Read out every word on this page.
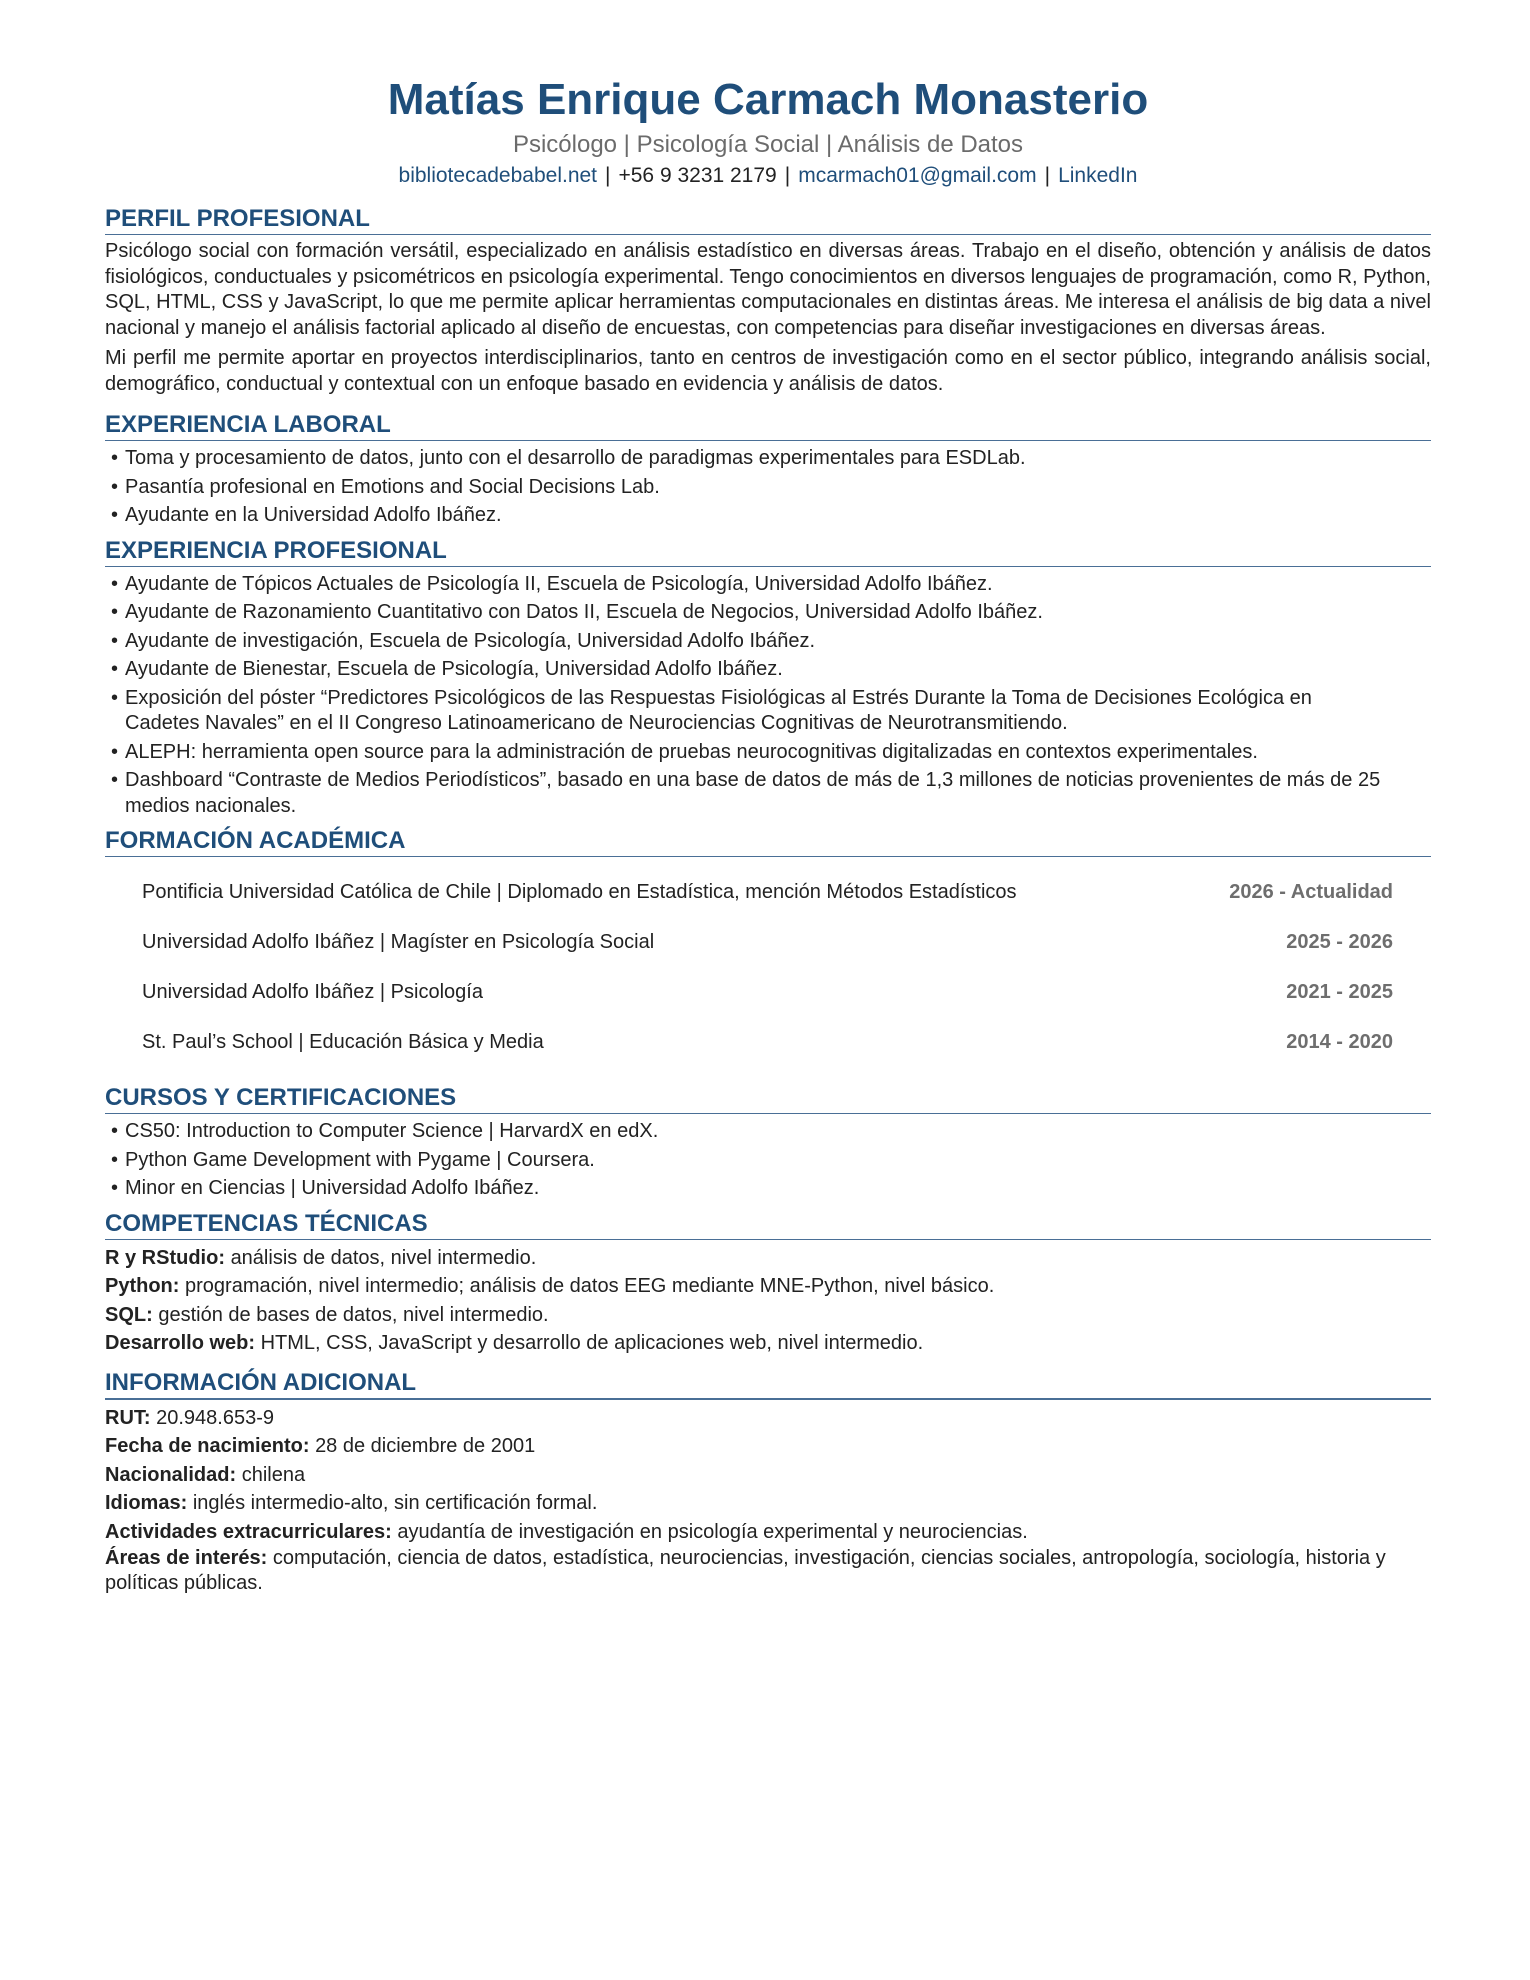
Matías Enrique Carmach Monasterio

Psicólogo | Psicología Social | Análisis de Datos

bibliotecadebabel.net | +56 9 3231 2179 | mcarmach01@gmail.com | LinkedIn

PERFIL PROFESIONAL

Psicólogo social con formación versátil, especializado en análisis estadístico en diversas áreas. Trabajo en el diseño, obtención y análisis de datos fisiológicos, conductuales y psicométricos en psicología experimental. Tengo conocimientos en diversos lenguajes de programación, como R, Python, SQL, HTML, CSS y JavaScript, lo que me permite aplicar herramientas computacionales en distintas áreas. Me interesa el análisis de big data a nivel nacional y manejo el análisis factorial aplicado al diseño de encuestas, con competencias para diseñar investigaciones en diversas áreas.

Mi perfil me permite aportar en proyectos interdisciplinarios, tanto en centros de investigación como en el sector público, integrando análisis social, demográfico, conductual y contextual con un enfoque basado en evidencia y análisis de datos.

EXPERIENCIA LABORAL
• Toma y procesamiento de datos, junto con el desarrollo de paradigmas experimentales para ESDLab.
• Pasantía profesional en Emotions and Social Decisions Lab.
• Ayudante en la Universidad Adolfo Ibáñez.
EXPERIENCIA PROFESIONAL
• Ayudante de Tópicos Actuales de Psicología II, Escuela de Psicología, Universidad Adolfo Ibáñez.
• Ayudante de Razonamiento Cuantitativo con Datos II, Escuela de Negocios, Universidad Adolfo Ibáñez.
• Ayudante de investigación, Escuela de Psicología, Universidad Adolfo Ibáñez.
• Ayudante de Bienestar, Escuela de Psicología, Universidad Adolfo Ibáñez.
• Exposición del póster “Predictores Psicológicos de las Respuestas Fisiológicas al Estrés Durante la Toma de Decisiones Ecológica en Cadetes Navales” en el II Congreso Latinoamericano de Neurociencias Cognitivas de Neurotransmitiendo.
• ALEPH: herramienta open source para la administración de pruebas neurocognitivas digitalizadas en contextos experimentales.
• Dashboard “Contraste de Medios Periodísticos”, basado en una base de datos de más de 1,3 millones de noticias provenientes de más de 25 medios nacionales.
FORMACIÓN ACADÉMICA
Pontificia Universidad Católica de Chile | Diplomado en Estadística, mención Métodos Estadísticos	2026 - Actualidad
Universidad Adolfo Ibáñez | Magíster en Psicología Social	2025 - 2026
Universidad Adolfo Ibáñez | Psicología	2021 - 2025
St. Paul’s School | Educación Básica y Media	2014 - 2020
CURSOS Y CERTIFICACIONES
• CS50: Introduction to Computer Science | HarvardX en edX.
• Python Game Development with Pygame | Coursera.
• Minor en Ciencias | Universidad Adolfo Ibáñez.
COMPETENCIAS TÉCNICAS

R y RStudio: análisis de datos, nivel intermedio.

Python: programación, nivel intermedio; análisis de datos EEG mediante MNE-Python, nivel básico.

SQL: gestión de bases de datos, nivel intermedio.

Desarrollo web: HTML, CSS, JavaScript y desarrollo de aplicaciones web, nivel intermedio.

INFORMACIÓN ADICIONAL

RUT: 20.948.653-9

Fecha de nacimiento: 28 de diciembre de 2001

Nacionalidad: chilena

Idiomas: inglés intermedio-alto, sin certificación formal.

Actividades extracurriculares: ayudantía de investigación en psicología experimental y neurociencias.

Áreas de interés: computación, ciencia de datos, estadística, neurociencias, investigación, ciencias sociales, antropología, sociología, historia y políticas públicas.
